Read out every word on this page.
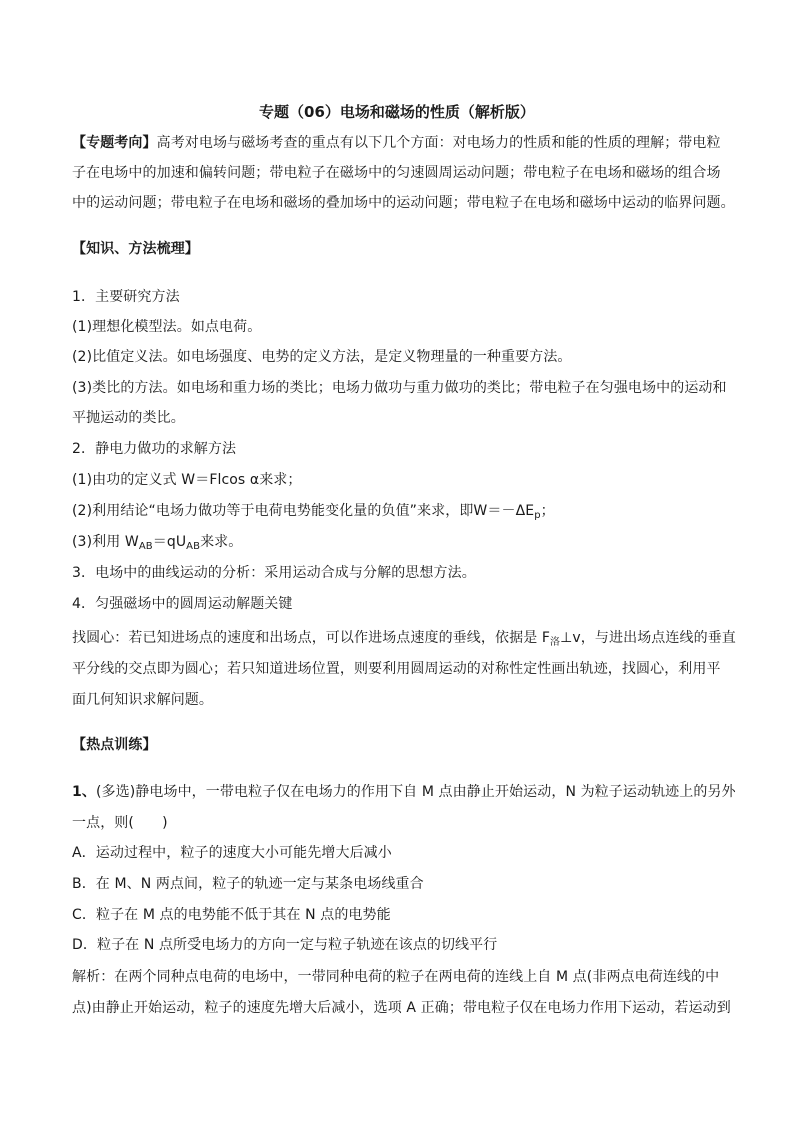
专题（06）电场和磁场的性质（解析版）
【专题考向】高考对电场与磁场考查的重点有以下几个方面：对电场力的性质和能的性质的理解；带电粒
子在电场中的加速和偏转问题；带电粒子在磁场中的匀速圆周运动问题；带电粒子在电场和磁场的组合场
中的运动问题；带电粒子在电场和磁场的叠加场中的运动问题；带电粒子在电场和磁场中运动的临界问题。
【知识、方法梳理】
1．主要研究方法
(1)理想化模型法。如点电荷。
(2)比值定义法。如电场强度、电势的定义方法，是定义物理量的一种重要方法。
(3)类比的方法。如电场和重力场的类比；电场力做功与重力做功的类比；带电粒子在匀强电场中的运动和
平抛运动的类比。
2．静电力做功的求解方法
(1)由功的定义式 W＝Flcos α来求；
(2)利用结论“电场力做功等于电荷电势能变化量的负值”来求，即$W=-\Delta E_p$；
(3)利用 $W_{AB}=qU_{AB}$来求。
3．电场中的曲线运动的分析：采用运动合成与分解的思想方法。
4．匀强磁场中的圆周运动解题关键
找圆心：若已知进场点的速度和出场点，可以作进场点速度的垂线，依据是 $F_洛\perp v$，与进出场点连线的垂直
平分线的交点即为圆心；若只知道进场位置，则要利用圆周运动的对称性定性画出轨迹，找圆心，利用平
面几何知识求解问题。
【热点训练】
1、(多选)静电场中，一带电粒子仅在电场力的作用下自 M 点由静止开始运动，N 为粒子运动轨迹上的另外
一点，则(　　)
A．运动过程中，粒子的速度大小可能先增大后减小
B．在 M、N 两点间，粒子的轨迹一定与某条电场线重合
C．粒子在 M 点的电势能不低于其在 N 点的电势能
D．粒子在 N 点所受电场力的方向一定与粒子轨迹在该点的切线平行
解析：在两个同种点电荷的电场中，一带同种电荷的粒子在两电荷的连线上自 M 点(非两点电荷连线的中
点)由静止开始运动，粒子的速度先增大后减小，选项 A 正确；带电粒子仅在电场力作用下运动，若运动到
